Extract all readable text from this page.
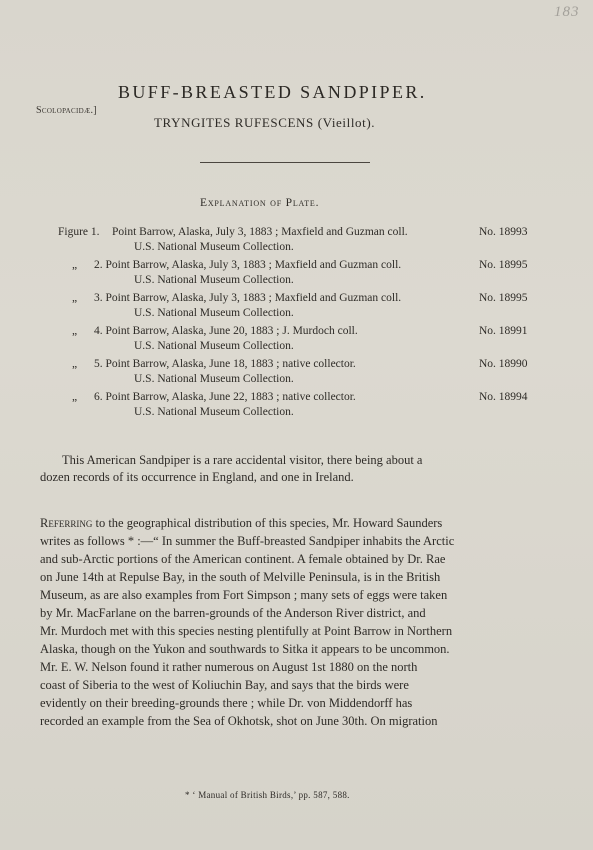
183
Scolopacidæ.]
BUFF-BREASTED SANDPIPER.
TRYNGITES RUFESCENS (Vieillot).
Explanation of Plate.
Figure 1. Point Barrow, Alaska, July 3, 1883 ; Maxfield and Guzman coll.	No. 18993
U.S. National Museum Collection.
„ 2. Point Barrow, Alaska, July 3, 1883 ; Maxfield and Guzman coll.	No. 18995
U.S. National Museum Collection.
„ 3. Point Barrow, Alaska, July 3, 1883 ; Maxfield and Guzman coll.	No. 18995
U.S. National Museum Collection.
„ 4. Point Barrow, Alaska, June 20, 1883 ; J. Murdoch coll.	No. 18991
U.S. National Museum Collection.
„ 5. Point Barrow, Alaska, June 18, 1883 ; native collector.	No. 18990
U.S. National Museum Collection.
„ 6. Point Barrow, Alaska, June 22, 1883 ; native collector.	No. 18994
U.S. National Museum Collection.
This American Sandpiper is a rare accidental visitor, there being about a
dozen records of its occurrence in England, and one in Ireland.
Referring to the geographical distribution of this species, Mr. Howard Saunders
writes as follows * :—“ In summer the Buff-breasted Sandpiper inhabits the Arctic
and sub-Arctic portions of the American continent. A female obtained by Dr. Rae
on June 14th at Repulse Bay, in the south of Melville Peninsula, is in the British
Museum, as are also examples from Fort Simpson ; many sets of eggs were taken
by Mr. MacFarlane on the barren-grounds of the Anderson River district, and
Mr. Murdoch met with this species nesting plentifully at Point Barrow in Northern
Alaska, though on the Yukon and southwards to Sitka it appears to be uncommon.
Mr. E. W. Nelson found it rather numerous on August 1st 1880 on the north
coast of Siberia to the west of Koliuchin Bay, and says that the birds were
evidently on their breeding-grounds there ; while Dr. von Middendorff has
recorded an example from the Sea of Okhotsk, shot on June 30th. On migration
* ‘ Manual of British Birds,’ pp. 587, 588.
